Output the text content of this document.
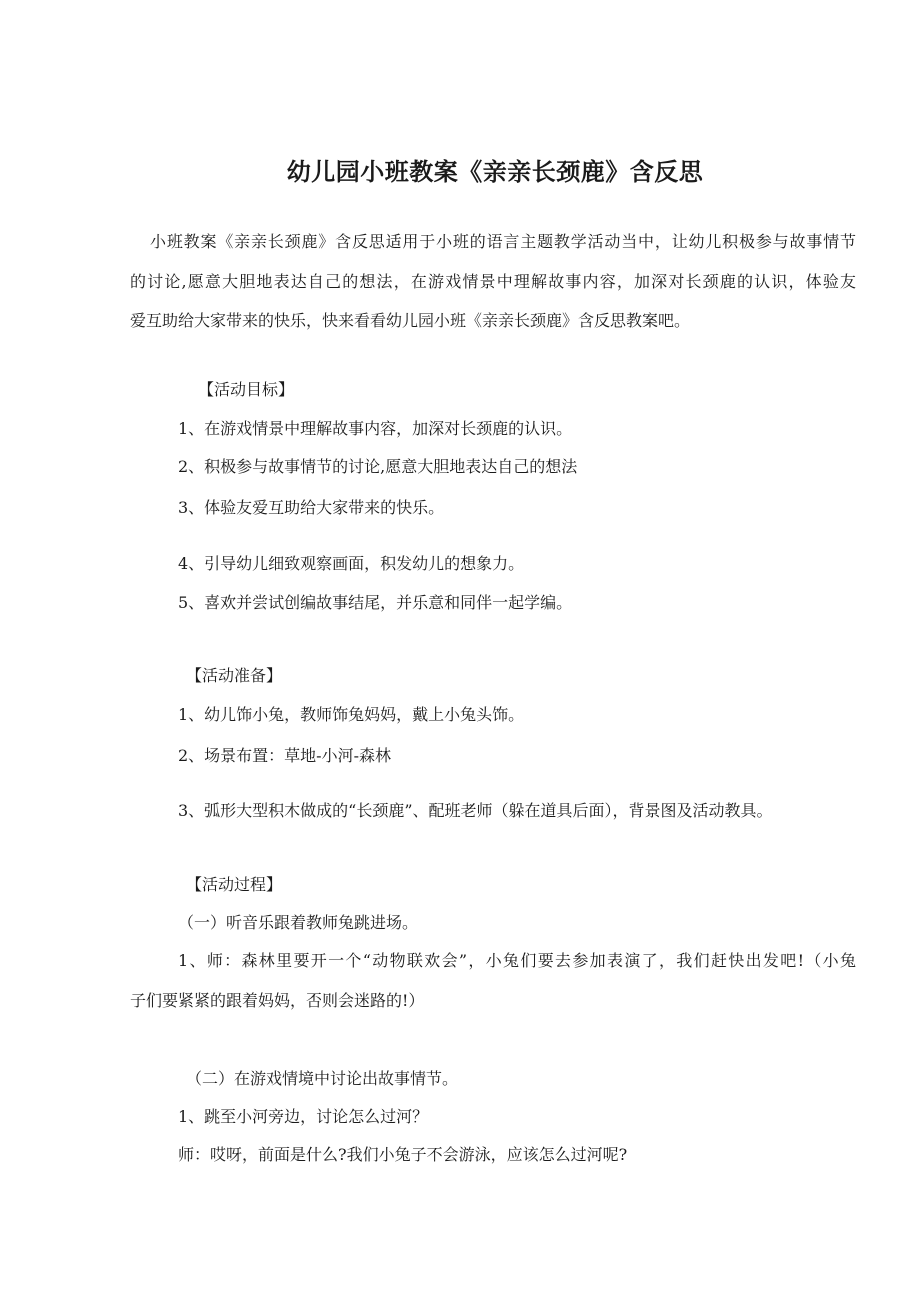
幼儿园小班教案《亲亲长颈鹿》含反思
小班教案《亲亲长颈鹿》含反思适用于小班的语言主题教学活动当中，让幼儿积极参与故事情节
的讨论,愿意大胆地表达自己的想法，在游戏情景中理解故事内容，加深对长颈鹿的认识，体验友
爱互助给大家带来的快乐，快来看看幼儿园小班《亲亲长颈鹿》含反思教案吧。
【活动目标】
1、在游戏情景中理解故事内容，加深对长颈鹿的认识。
2、积极参与故事情节的讨论,愿意大胆地表达自己的想法
3、体验友爱互助给大家带来的快乐。
4、引导幼儿细致观察画面，积发幼儿的想象力。
5、喜欢并尝试创编故事结尾，并乐意和同伴一起学编。
【活动准备】
1、幼儿饰小兔，教师饰兔妈妈，戴上小兔头饰。
2、场景布置：草地-小河-森林
3、弧形大型积木做成的“长颈鹿”、配班老师（躲在道具后面），背景图及活动教具。
【活动过程】
（一）听音乐跟着教师兔跳进场。
1、师：森林里要开一个“动物联欢会”，小兔们要去参加表演了，我们赶快出发吧!（小兔
子们要紧紧的跟着妈妈，否则会迷路的!）
（二）在游戏情境中讨论出故事情节。
1、跳至小河旁边，讨论怎么过河？
师：哎呀，前面是什么?我们小兔子不会游泳，应该怎么过河呢?
